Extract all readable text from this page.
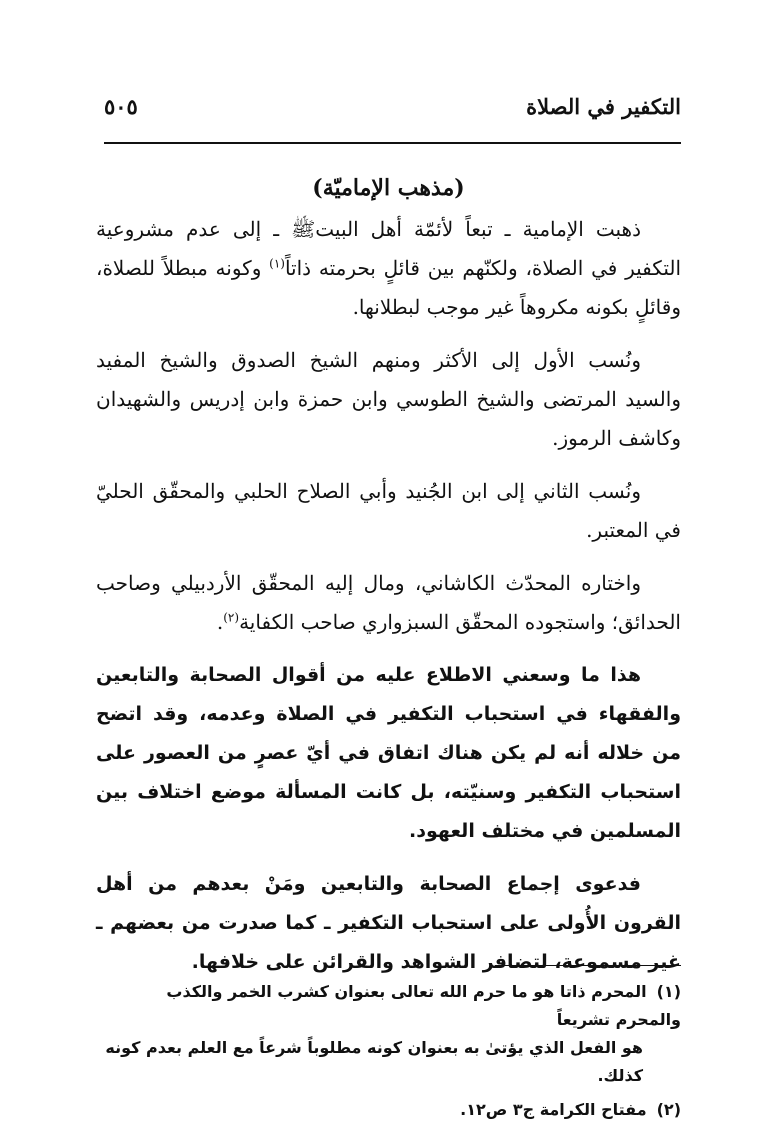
التكفير في الصلاة
٥٠٥
(مذهب الإماميّة)

ذهبت الإمامية ـ تبعاً لأئمّة أهل البيتﷺ ـ إلى عدم مشروعية التكفير في الصلاة، ولكنّهم بين قائلٍ بحرمته ذاتاً$^{(١)}$ وكونه مبطلاً للصلاة، وقائلٍ بكونه مكروهاً غير موجب لبطلانها.

ونُسب الأول إلى الأكثر ومنهم الشيخ الصدوق والشيخ المفيد والسيد المرتضى والشيخ الطوسي وابن حمزة وابن إدريس والشهيدان وكاشف الرموز.

ونُسب الثاني إلى ابن الجُنيد وأبي الصلاح الحلبي والمحقّق الحليّ في المعتبر.

واختاره المحدّث الكاشاني، ومال إليه المحقّق الأردبيلي وصاحب الحدائق؛ واستجوده المحقّق السبزواري صاحب الكفاية$^{(٢)}$.

هذا ما وسعني الاطلاع عليه من أقوال الصحابة والتابعين والفقهاء في استحباب التكفير في الصلاة وعدمه، وقد اتضح من خلاله أنه لم يكن هناك اتفاق في أيّ عصرٍ من العصور على استحباب التكفير وسنيّته، بل كانت المسألة موضع اختلاف بين المسلمين في مختلف العهود.

فدعوى إجماع الصحابة والتابعين ومَنْ بعدهم من أهل القرون الأُولى على استحباب التكفير ـ كما صدرت من بعضهم ـ غير مسموعة، لتضافر الشواهد والقرائن على خلافها.

(١)المحرم ذاتا هو ما حرم الله تعالى بعنوان كشرب الخمر والكذب والمحرم تشريعاً
هو الفعل الذي يؤتىٰ به بعنوان كونه مطلوباً شرعاً مع العلم بعدم كونه كذلك.
(٢)مفتاح الكرامة ج٣ ص١٢.
